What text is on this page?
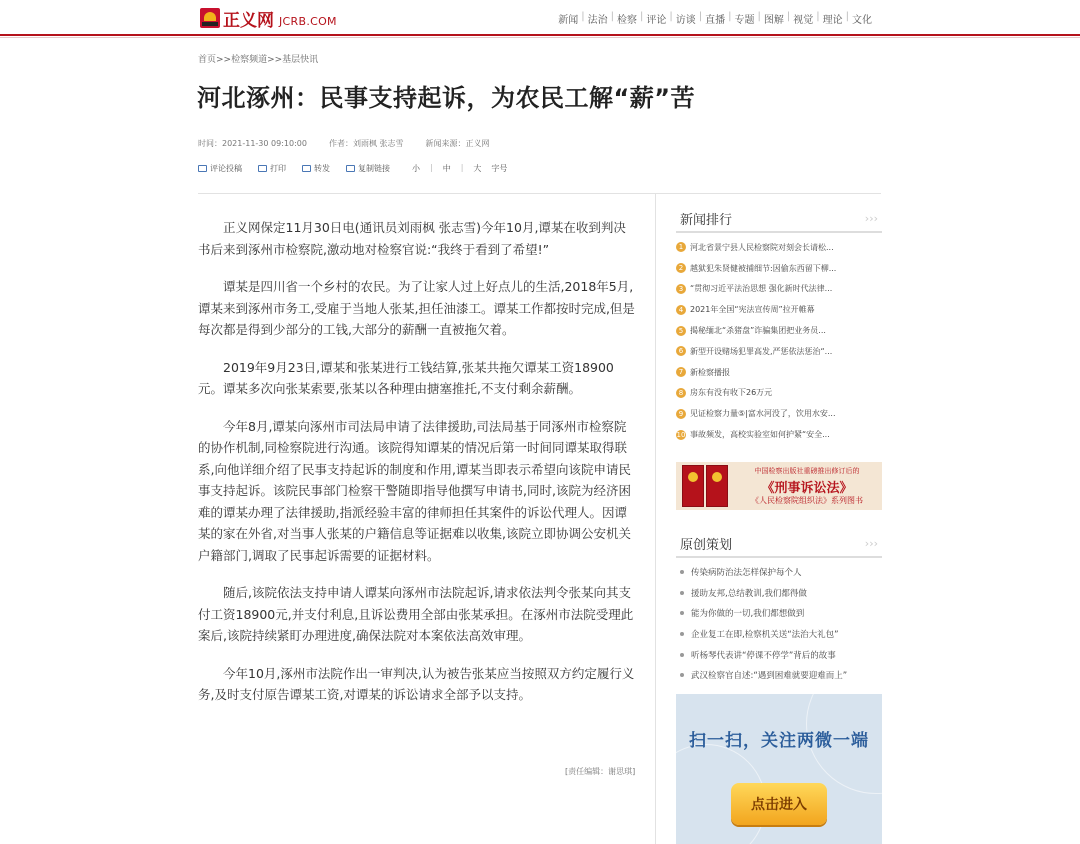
正义网 JCRB.COM	新闻 | 法治 | 检察 | 评论 | 访谈 | 直播 | 专题 | 图解 | 视觉 | 理论 | 文化
首页>>检察频道>>基层快讯
河北涿州：民事支持起诉，为农民工解“薪”苦
时间：2021-11-30 09:10:00	作者：刘雨枫 张志雪	新闻来源：正义网
评论投稿	打印	转发	复制链接	小 | 中 | 大 字号

正义网保定11月30日电(通讯员刘雨枫 张志雪)今年10月,谭某在收到判决书后来到涿州市检察院,激动地对检察官说:“我终于看到了希望!”

谭某是四川省一个乡村的农民。为了让家人过上好点儿的生活,2018年5月,谭某来到涿州市务工,受雇于当地人张某,担任油漆工。谭某工作都按时完成,但是每次都是得到少部分的工钱,大部分的薪酬一直被拖欠着。

2019年9月23日,谭某和张某进行工钱结算,张某共拖欠谭某工资18900元。谭某多次向张某索要,张某以各种理由搪塞推托,不支付剩余薪酬。

今年8月,谭某向涿州市司法局申请了法律援助,司法局基于同涿州市检察院的协作机制,同检察院进行沟通。该院得知谭某的情况后第一时间同谭某取得联系,向他详细介绍了民事支持起诉的制度和作用,谭某当即表示希望向该院申请民事支持起诉。该院民事部门检察干警随即指导他撰写申请书,同时,该院为经济困难的谭某办理了法律援助,指派经验丰富的律师担任其案件的诉讼代理人。因谭某的家在外省,对当事人张某的户籍信息等证据难以收集,该院立即协调公安机关户籍部门,调取了民事起诉需要的证据材料。

随后,该院依法支持申请人谭某向涿州市法院起诉,请求依法判令张某向其支付工资18900元,并支付利息,且诉讼费用全部由张某承担。在涿州市法院受理此案后,该院持续紧盯办理进度,确保法院对本案依法高效审理。

今年10月,涿州市法院作出一审判决,认为被告张某应当按照双方约定履行义务,及时支付原告谭某工资,对谭某的诉讼请求全部予以支持。

[责任编辑：谢思琪]
新闻排行	›››
1 河北省景宁县人民检察院对刻会长请松...
2 越狱犯朱贤健被捕细节:因偷东西留下柳...
3 “贯彻习近平法治思想 强化新时代法律...
4 2021年全国“宪法宣传周”拉开帷幕
5 揭秘缅北“杀猪盘”诈骗集团把业务员...
6 新型开设赌场犯罪高发,严惩依法惩治“...
7 新检察播报
8 房东有没有收下26万元
9 见证检察力量⑤|富水河没了，饮用水安...
10 事故频发，高校实验室如何护紧“安全...
中国检察出版社重磅推出修订后的
《刑事诉讼法》
《人民检察院组织法》系列图书
原创策划	›››
传染病防治法怎样保护每个人
援助友邦,总结教训,我们都得做
能为你做的一切,我们都想做到
企业复工在即,检察机关送“法治大礼包”
听杨琴代表讲“停课不停学”背后的故事
武汉检察官自述:“遇到困难就要迎难而上”
扫一扫，关注两微一端
点击进入
